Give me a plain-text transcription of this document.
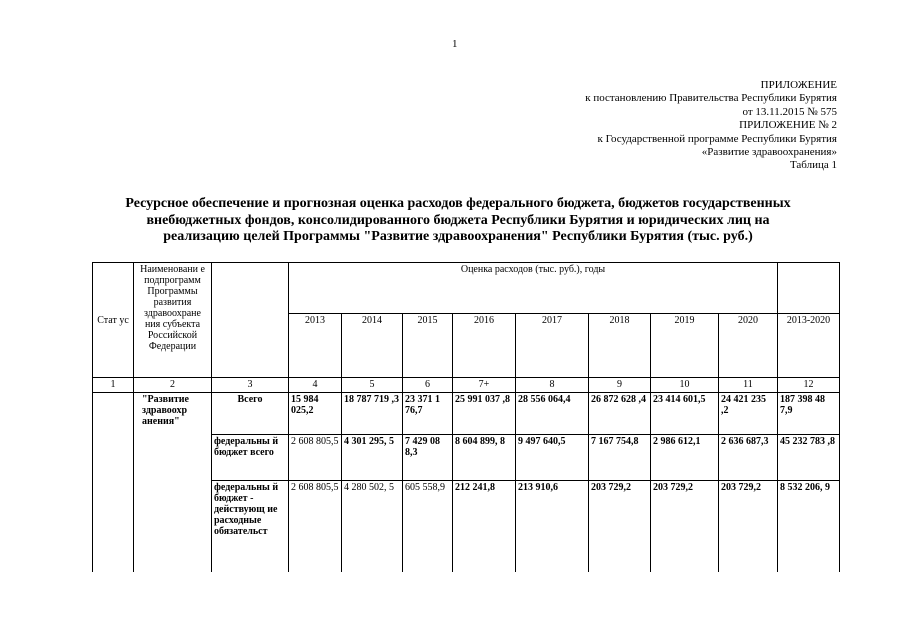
1
ПРИЛОЖЕНИЕ
к постановлению Правительства Республики Бурятия
от 13.11.2015 № 575
ПРИЛОЖЕНИЕ № 2
к Государственной программе Республики Бурятия
«Развитие здравоохранения»
Таблица 1
Ресурсное обеспечение и прогнозная оценка расходов федерального бюджета, бюджетов государственных
внебюджетных фондов, консолидированного бюджета Республики Бурятия и юридических лиц на
реализацию целей Программы "Развитие здравоохранения" Республики Бурятия (тыс. руб.)
Стат ус	Наименовани е подпрограмм Программы развития здравоохране ния субъекта Российской Федерации		Оценка расходов (тыс. руб.), годы								
			2013	2014	2015	2016	2017	2018	2019	2020	2013-2020
1	2	3	4	5	6	7+	8	9	10	11	12
	"Развитие здравоохр анения"	Всего	15 984 025,2	18 787 719 ,3	23 371 1 76,7	25 991 037 ,8	28 556 064,4	26 872 628 ,4	23 414 601,5	24 421 235 ,2	187 398 48 7,9
		федеральны й бюджет всего	2 608 805,5	4 301 295, 5	7 429 08 8,3	8 604 899, 8	9 497 640,5	7 167 754,8	2 986 612,1	2 636 687,3	45 232 783 ,8
		федеральны й бюджет - действующ ие расходные обязательст	2 608 805,5	4 280 502, 5	605 558,9	212 241,8	213 910,6	203 729,2	203 729,2	203 729,2	8 532 206, 9
